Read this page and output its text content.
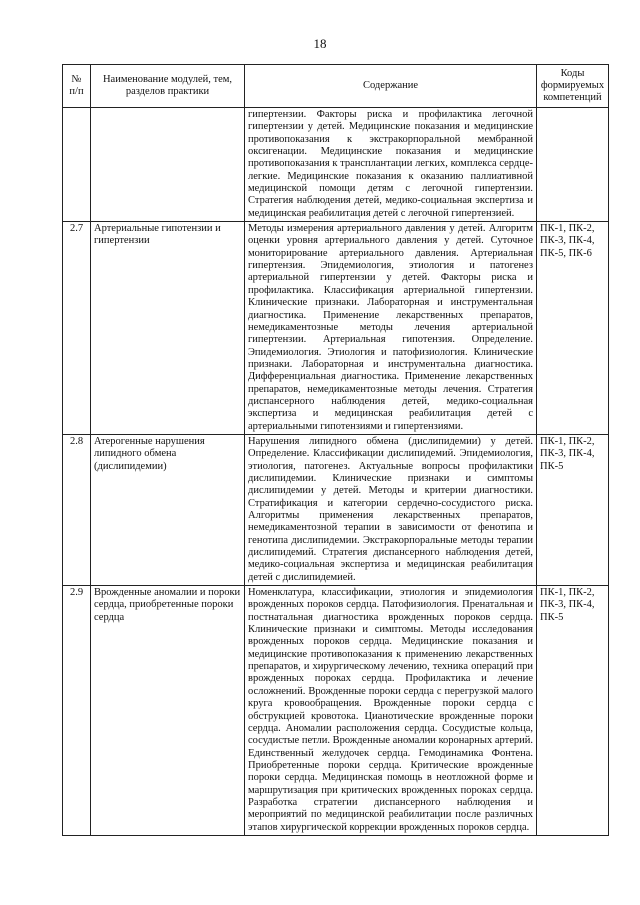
18
№ п/п	Наименование модулей, тем, разделов практики	Содержание	Коды формируемых компетенций

		гипертензии. Факторы риска и профилактика легочной гипертензии у детей. Медицинские показания и медицинские противопоказания к экстракорпоральной мембранной оксигенации. Медицинские показания и медицинские противопоказания к трансплантации легких, комплекса сердце-легкие. Медицинские показания к оказанию паллиативной медицинской помощи детям с легочной гипертензии. Стратегия наблюдения детей, медико-социальная экспертиза и медицинская реабилитация детей с легочной гипертензией.	

2.7	Артериальные гипотензии и гипертензии	Методы измерения артериального давления у детей. Алгоритм оценки уровня артериального давления у детей. Суточное мониторирование артериального давления. Артериальная гипертензия. Эпидемиология, этиология и патогенез артериальной гипертензии у детей. Факторы риска и профилактика. Классификация артериальной гипертензии. Клинические признаки. Лабораторная и инструментальная диагностика. Применение лекарственных препаратов, немедикаментозные методы лечения артериальной гипертензии. Артериальная гипотензия. Определение. Эпидемиология. Этиология и патофизиология. Клинические признаки. Лабораторная и инструментальна диагностика. Дифференциальная диагностика. Применение лекарственных препаратов, немедикаментозные методы лечения. Стратегия диспансерного наблюдения детей, медико-социальная экспертиза и медицинская реабилитация детей с артериальными гипотензиями и гипертензиями.	ПК-1, ПК-2, ПК-3, ПК-4, ПК-5, ПК-6
2.8	Атерогенные нарушения липидного обмена (дислипидемии)	Нарушения липидного обмена (дислипидемии) у детей. Определение. Классификации дислипидемий. Эпидемиология, этиология, патогенез. Актуальные вопросы профилактики дислипидемии. Клинические признаки и симптомы дислипидемии у детей. Методы и критерии диагностики. Стратификация и категории сердечно-сосудистого риска. Алгоритмы применения лекарственных препаратов, немедикаментозной терапии в зависимости от фенотипа и генотипа дислипидемии. Экстракорпоральные методы терапии дислипидемий. Стратегия диспансерного наблюдения детей, медико-социальная экспертиза и медицинская реабилитация детей с дислипидемией.	ПК-1, ПК-2, ПК-3, ПК-4, ПК-5
2.9	Врожденные аномалии и пороки сердца, приобретенные пороки сердца	Номенклатура, классификации, этиология и эпидемиология врожденных пороков сердца. Патофизиология. Пренатальная и постнатальная диагностика врожденных пороков сердца. Клинические признаки и симптомы. Методы исследования врожденных пороков сердца. Медицинские показания и медицинские противопоказания к применению лекарственных препаратов, и хирургическому лечению, техника операций при врожденных пороках сердца. Профилактика и лечение осложнений. Врожденные пороки сердца с перегрузкой малого круга кровообращения. Врожденные пороки сердца с обструкцией кровотока. Цианотические врожденные пороки сердца. Аномалии расположения сердца. Сосудистые кольца, сосудистые петли. Врожденные аномалии коронарных артерий. Единственный желудочек сердца. Гемодинамика Фонтена. Приобретенные пороки сердца. Критические врожденные пороки сердца. Медицинская помощь в неотложной форме и маршрутизация при критических врожденных пороках сердца. Разработка стратегии диспансерного наблюдения и мероприятий по медицинской реабилитации после различных этапов хирургической коррекции врожденных пороков сердца.	ПК-1, ПК-2, ПК-3, ПК-4, ПК-5
